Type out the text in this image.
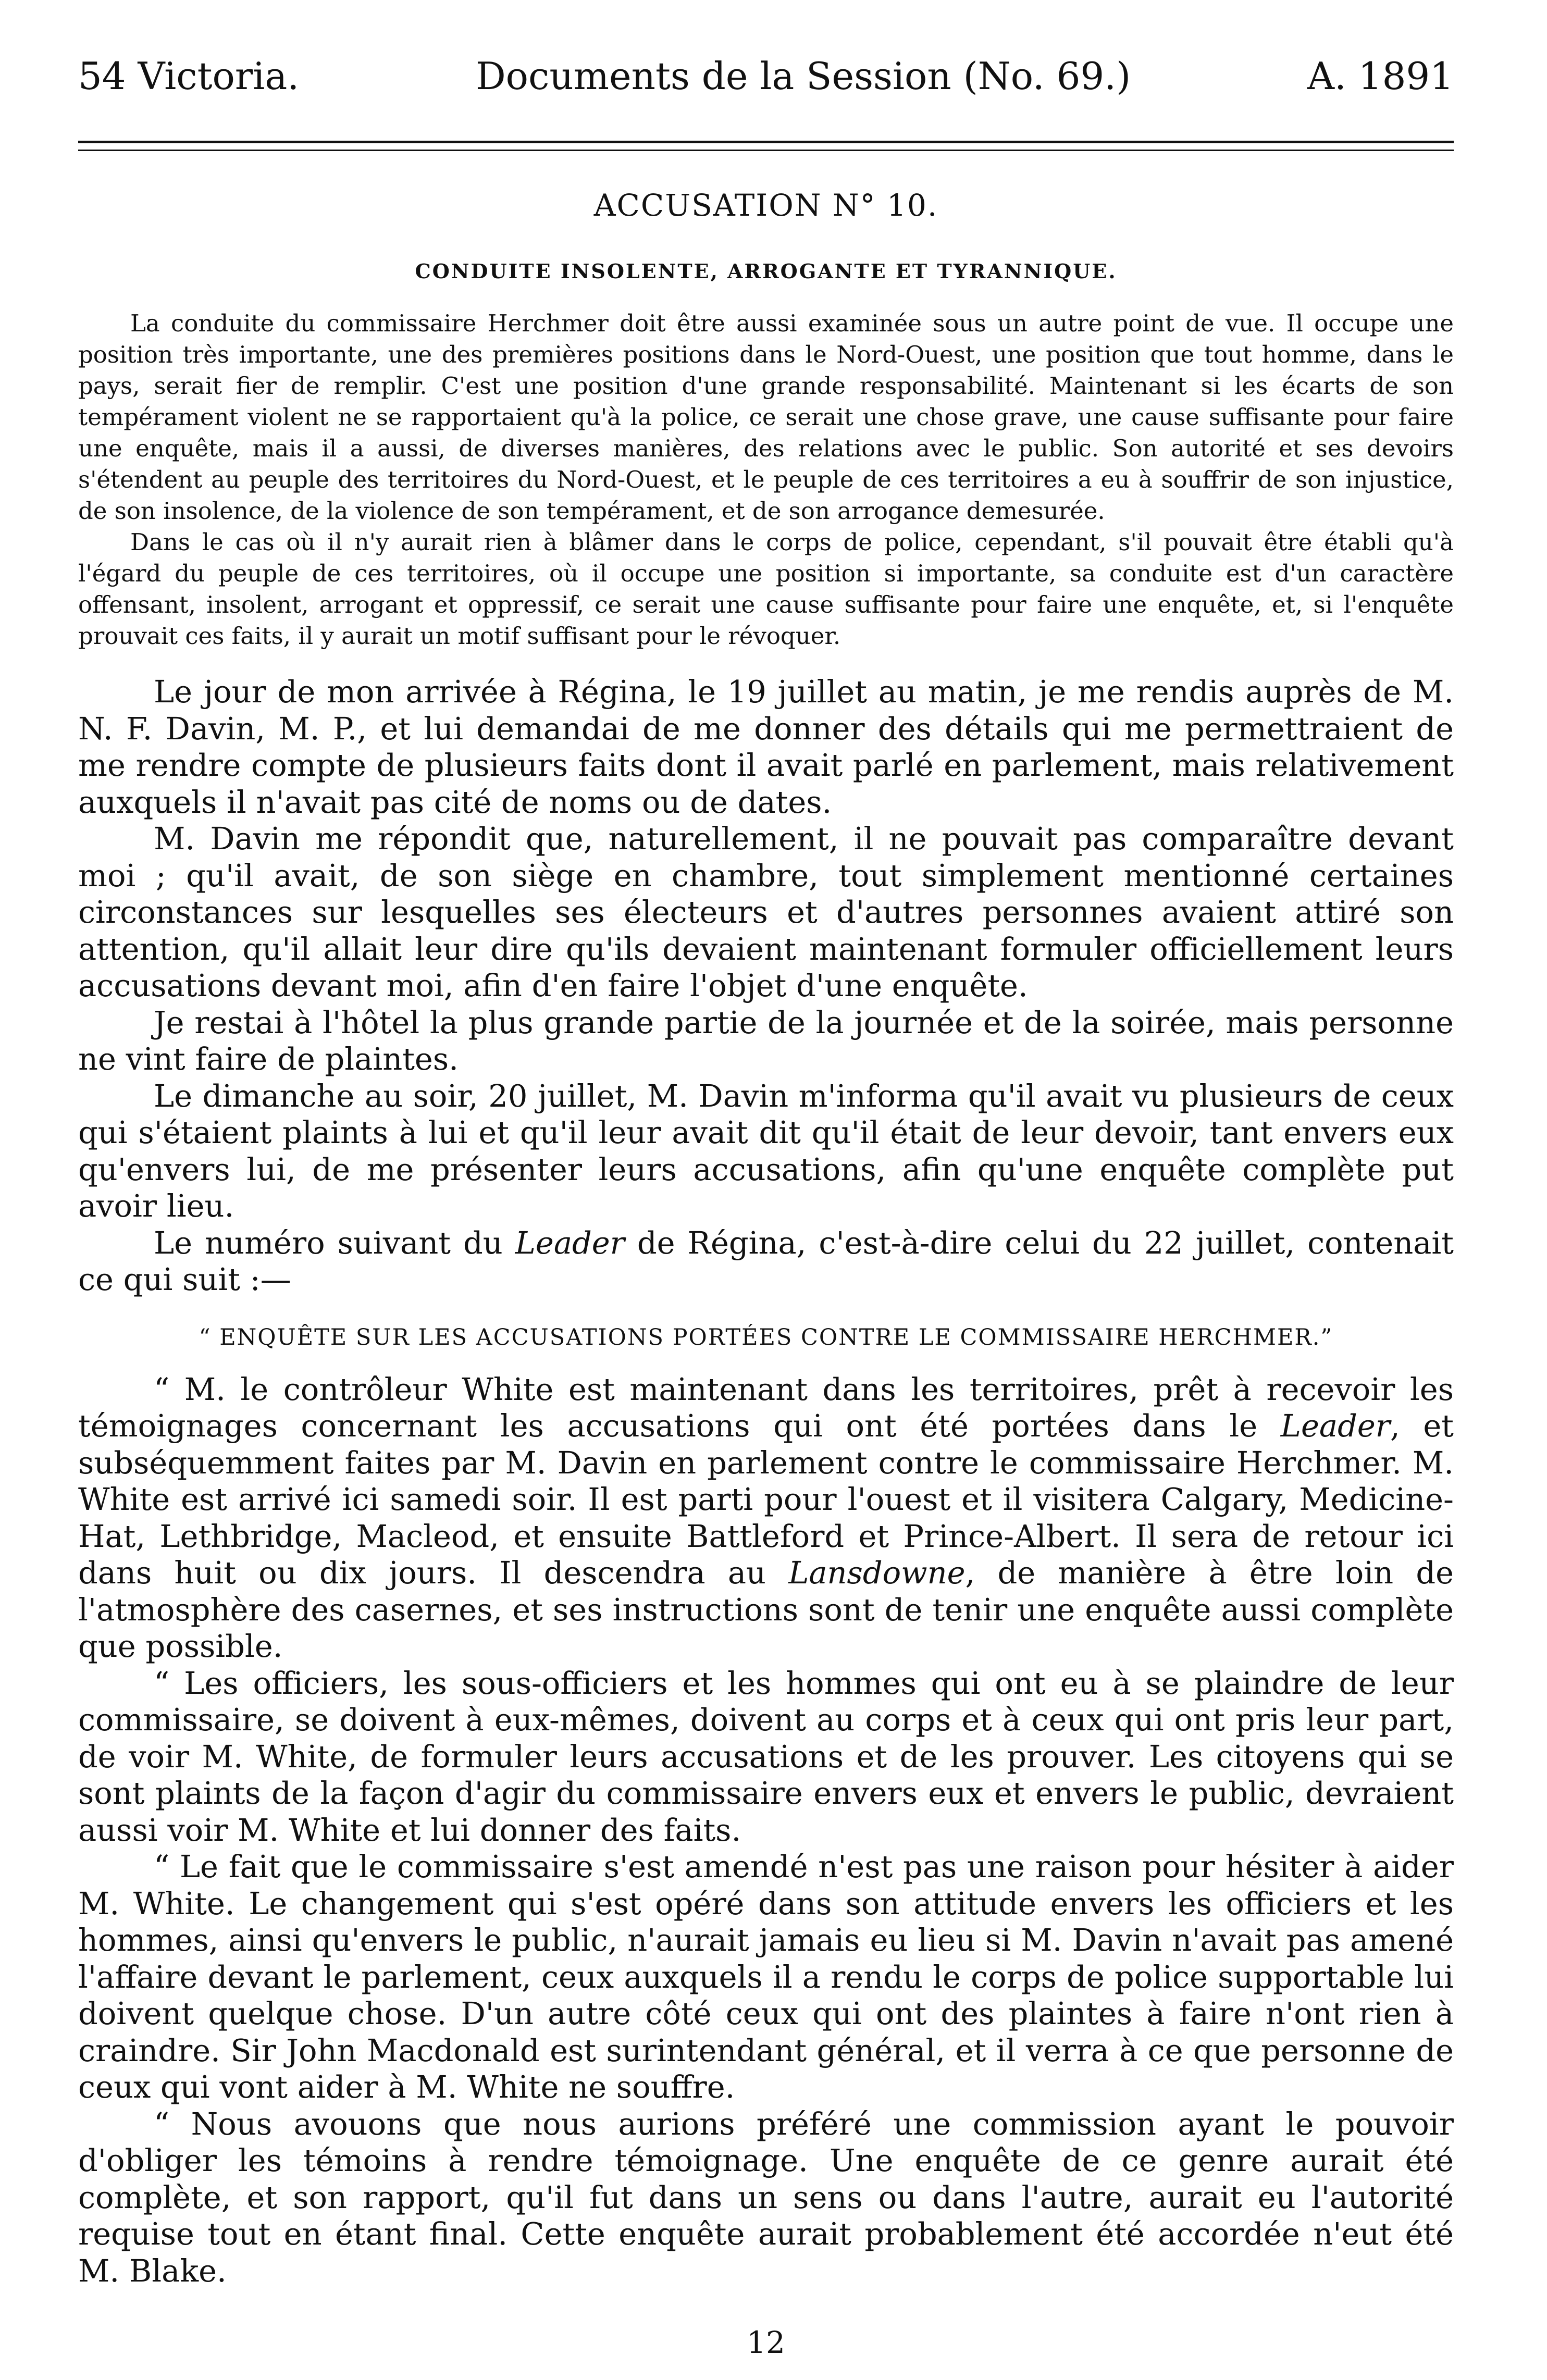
54 Victoria.	Documents de la Session (No. 69.)	A. 1891
ACCUSATION N° 10.
CONDUITE INSOLENTE, ARROGANTE ET TYRANNIQUE.

La conduite du commissaire Herchmer doit être aussi examinée sous un autre point de vue. Il occupe une position très importante, une des premières positions dans le Nord-Ouest, une position que tout homme, dans le pays, serait fier de remplir. C'est une position d'une grande responsabilité. Maintenant si les écarts de son tempérament violent ne se rapportaient qu'à la police, ce serait une chose grave, une cause suffisante pour faire une enquête, mais il a aussi, de diverses manières, des relations avec le public. Son autorité et ses devoirs s'étendent au peuple des territoires du Nord-Ouest, et le peuple de ces territoires a eu à souffrir de son injustice, de son insolence, de la violence de son tempérament, et de son arrogance demesurée.

Dans le cas où il n'y aurait rien à blâmer dans le corps de police, cependant, s'il pouvait être établi qu'à l'égard du peuple de ces territoires, où il occupe une position si importante, sa conduite est d'un caractère offensant, insolent, arrogant et oppressif, ce serait une cause suffisante pour faire une enquête, et, si l'enquête prouvait ces faits, il y aurait un motif suffisant pour le révoquer.

Le jour de mon arrivée à Régina, le 19 juillet au matin, je me rendis auprès de M. N. F. Davin, M. P., et lui demandai de me donner des détails qui me permettraient de me rendre compte de plusieurs faits dont il avait parlé en parlement, mais relativement auxquels il n'avait pas cité de noms ou de dates.

M. Davin me répondit que, naturellement, il ne pouvait pas comparaître devant moi ; qu'il avait, de son siège en chambre, tout simplement mentionné certaines circonstances sur lesquelles ses électeurs et d'autres personnes avaient attiré son attention, qu'il allait leur dire qu'ils devaient maintenant formuler officiellement leurs accusations devant moi, afin d'en faire l'objet d'une enquête.

Je restai à l'hôtel la plus grande partie de la journée et de la soirée, mais personne ne vint faire de plaintes.

Le dimanche au soir, 20 juillet, M. Davin m'informa qu'il avait vu plusieurs de ceux qui s'étaient plaints à lui et qu'il leur avait dit qu'il était de leur devoir, tant envers eux qu'envers lui, de me présenter leurs accusations, afin qu'une enquête complète put avoir lieu.

Le numéro suivant du Leader de Régina, c'est-à-dire celui du 22 juillet, contenait ce qui suit :—

“ ENQUÊTE SUR LES ACCUSATIONS PORTÉES CONTRE LE COMMISSAIRE HERCHMER.”

“ M. le contrôleur White est maintenant dans les territoires, prêt à recevoir les témoignages concernant les accusations qui ont été portées dans le Leader, et subséquemment faites par M. Davin en parlement contre le commissaire Herchmer. M. White est arrivé ici samedi soir. Il est parti pour l'ouest et il visitera Calgary, Medicine-Hat, Lethbridge, Macleod, et ensuite Battleford et Prince-Albert. Il sera de retour ici dans huit ou dix jours. Il descendra au Lansdowne, de manière à être loin de l'atmosphère des casernes, et ses instructions sont de tenir une enquête aussi complète que possible.

“ Les officiers, les sous-officiers et les hommes qui ont eu à se plaindre de leur commissaire, se doivent à eux-mêmes, doivent au corps et à ceux qui ont pris leur part, de voir M. White, de formuler leurs accusations et de les prouver. Les citoyens qui se sont plaints de la façon d'agir du commissaire envers eux et envers le public, devraient aussi voir M. White et lui donner des faits.

“ Le fait que le commissaire s'est amendé n'est pas une raison pour hésiter à aider M. White. Le changement qui s'est opéré dans son attitude envers les officiers et les hommes, ainsi qu'envers le public, n'aurait jamais eu lieu si M. Davin n'avait pas amené l'affaire devant le parlement, ceux auxquels il a rendu le corps de police supportable lui doivent quelque chose. D'un autre côté ceux qui ont des plaintes à faire n'ont rien à craindre. Sir John Macdonald est surintendant général, et il verra à ce que personne de ceux qui vont aider à M. White ne souffre.

“ Nous avouons que nous aurions préféré une commission ayant le pouvoir d'obliger les témoins à rendre témoignage. Une enquête de ce genre aurait été complète, et son rapport, qu'il fut dans un sens ou dans l'autre, aurait eu l'autorité requise tout en étant final. Cette enquête aurait probablement été accordée n'eut été M. Blake.

12
